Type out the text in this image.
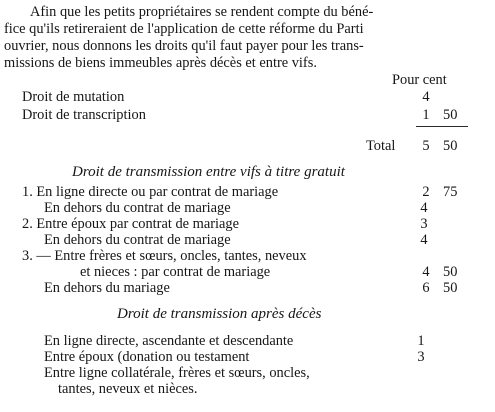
Afin que les petits propriétaires se rendent compte du béné-
fice qu'ils retireraient de l'application de cette réforme du Parti
ouvrier, nous donnons les droits qu'il faut payer pour les trans-
missions de biens immeubles après décès et entre vifs.
Pour cent
Droit de mutation	4
Droit de transcription	1 50
Total 5 50
Droit de transmission entre vifs à titre gratuit
1. En ligne directe ou par contrat de mariage	2 75
En dehors du contrat de mariage	4
2. Entre époux par contrat de mariage	3
En dehors du contrat de mariage	4
3. — Entre frères et sœurs, oncles, tantes, neveux
et nieces : par contrat de mariage	4 50
En dehors du mariage	6 50
Droit de transmission après décès
En ligne directe, ascendante et descendante	1
Entre époux (donation ou testament	3
Entre ligne collatérale, frères et sœurs, oncles,
tantes, neveux et nièces.
